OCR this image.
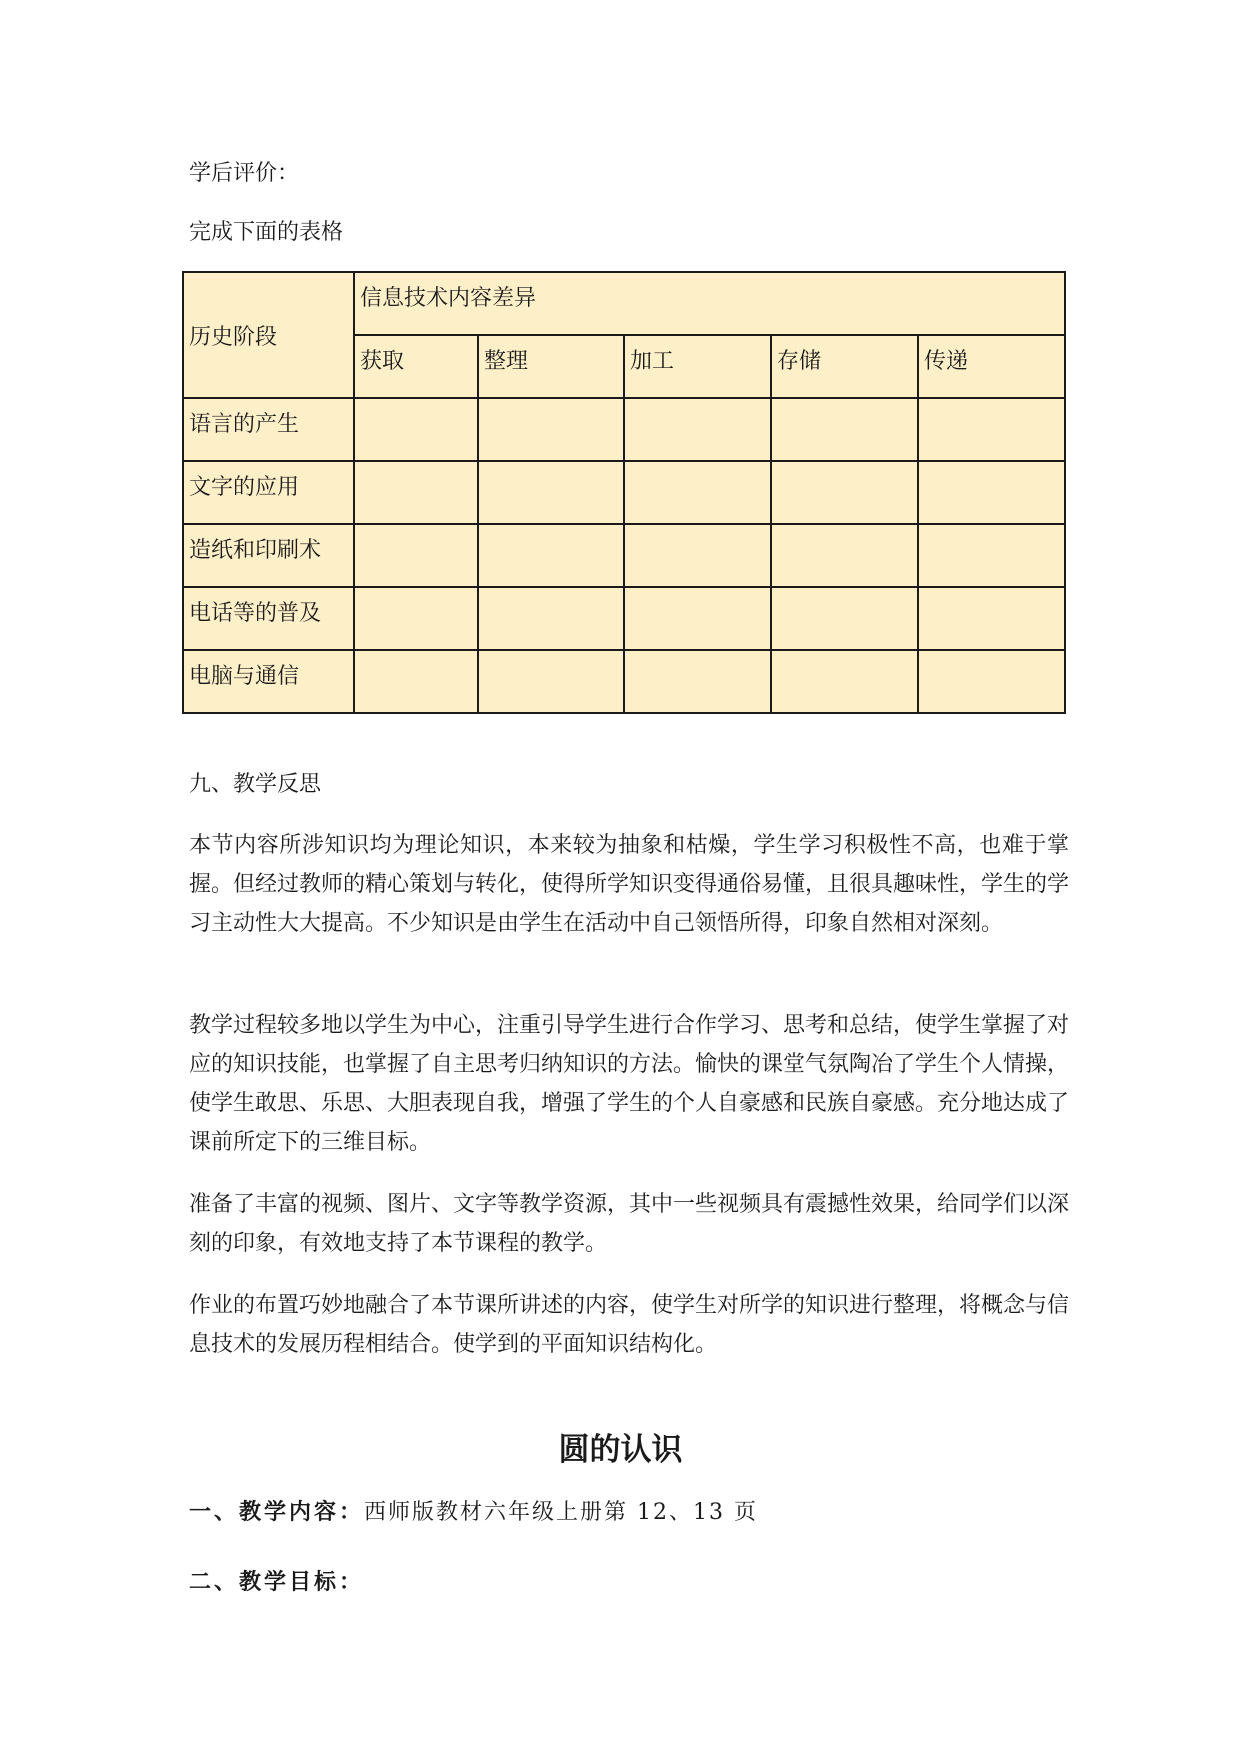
学后评价：
完成下面的表格
历史阶段	信息技术内容差异				
	获取	整理	加工	存储	传递
语言的产生					
文字的应用					
造纸和印刷术					
电话等的普及					
电脑与通信					
九、教学反思

本节内容所涉知识均为理论知识，本来较为抽象和枯燥，学生学习积极性不高，也难于掌握。但经过教师的精心策划与转化，使得所学知识变得通俗易懂，且很具趣味性，学生的学习主动性大大提高。不少知识是由学生在活动中自己领悟所得，印象自然相对深刻。

教学过程较多地以学生为中心，注重引导学生进行合作学习、思考和总结，使学生掌握了对应的知识技能，也掌握了自主思考归纳知识的方法。愉快的课堂气氛陶冶了学生个人情操，使学生敢思、乐思、大胆表现自我，增强了学生的个人自豪感和民族自豪感。充分地达成了课前所定下的三维目标。

准备了丰富的视频、图片、文字等教学资源，其中一些视频具有震撼性效果，给同学们以深刻的印象，有效地支持了本节课程的教学。

作业的布置巧妙地融合了本节课所讲述的内容，使学生对所学的知识进行整理，将概念与信息技术的发展历程相结合。使学到的平面知识结构化。

圆的认识
一、教学内容：西师版教材六年级上册第 12、13 页
二、教学目标：
